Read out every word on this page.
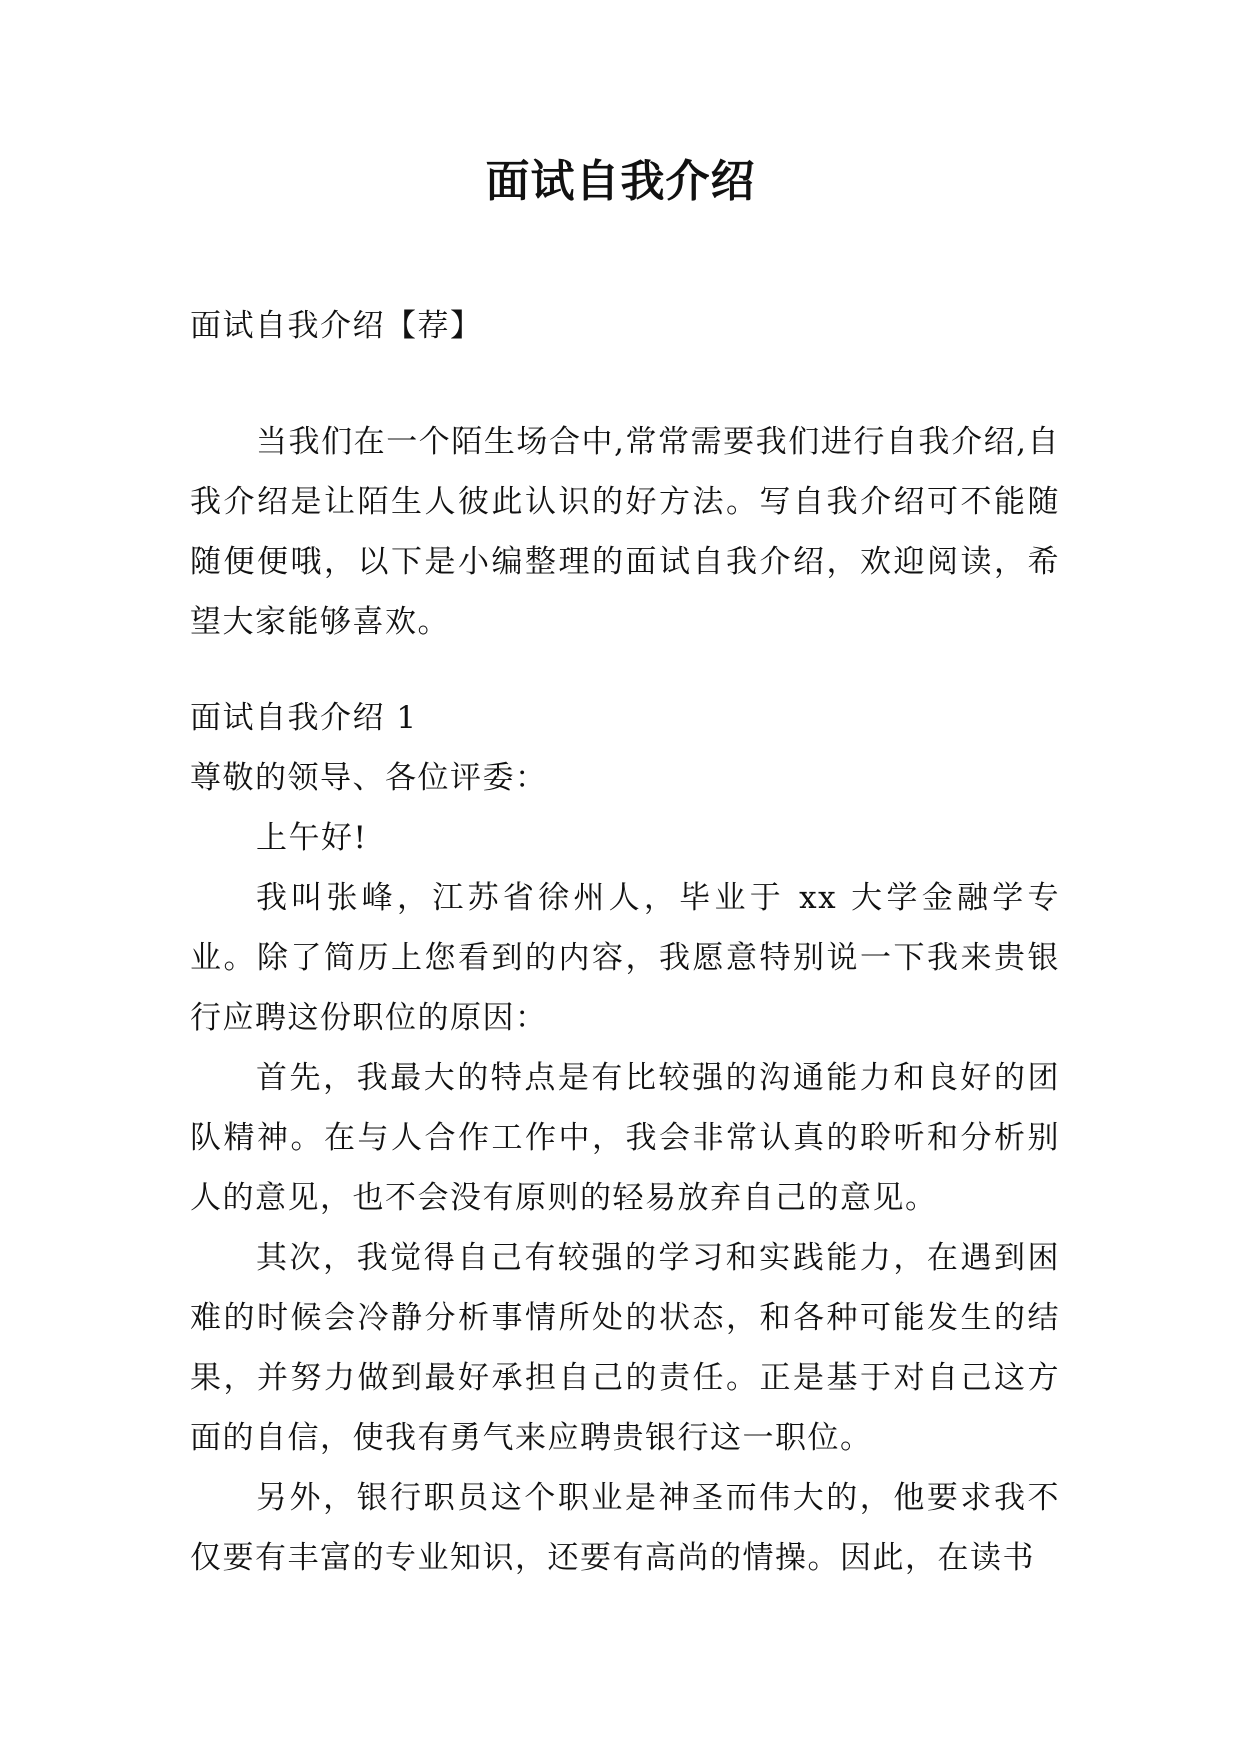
面试自我介绍

面试自我介绍【荐】

当我们在一个陌生场合中,常常需要我们进行自我介绍,自我介绍是让陌生人彼此认识的好方法。写自我介绍可不能随随便便哦，以下是小编整理的面试自我介绍，欢迎阅读，希望大家能够喜欢。

面试自我介绍 1

尊敬的领导、各位评委：

上午好!

我叫张峰，江苏省徐州人，毕业于 xx 大学金融学专业。除了简历上您看到的内容，我愿意特别说一下我来贵银行应聘这份职位的原因：

首先，我最大的特点是有比较强的沟通能力和良好的团队精神。在与人合作工作中，我会非常认真的聆听和分析别人的意见，也不会没有原则的轻易放弃自己的意见。

其次，我觉得自己有较强的学习和实践能力，在遇到困难的时候会冷静分析事情所处的状态，和各种可能发生的结果，并努力做到最好承担自己的责任。正是基于对自己这方面的自信，使我有勇气来应聘贵银行这一职位。

另外，银行职员这个职业是神圣而伟大的，他要求我不仅要有丰富的专业知识，还要有高尚的情操。因此，在读书
